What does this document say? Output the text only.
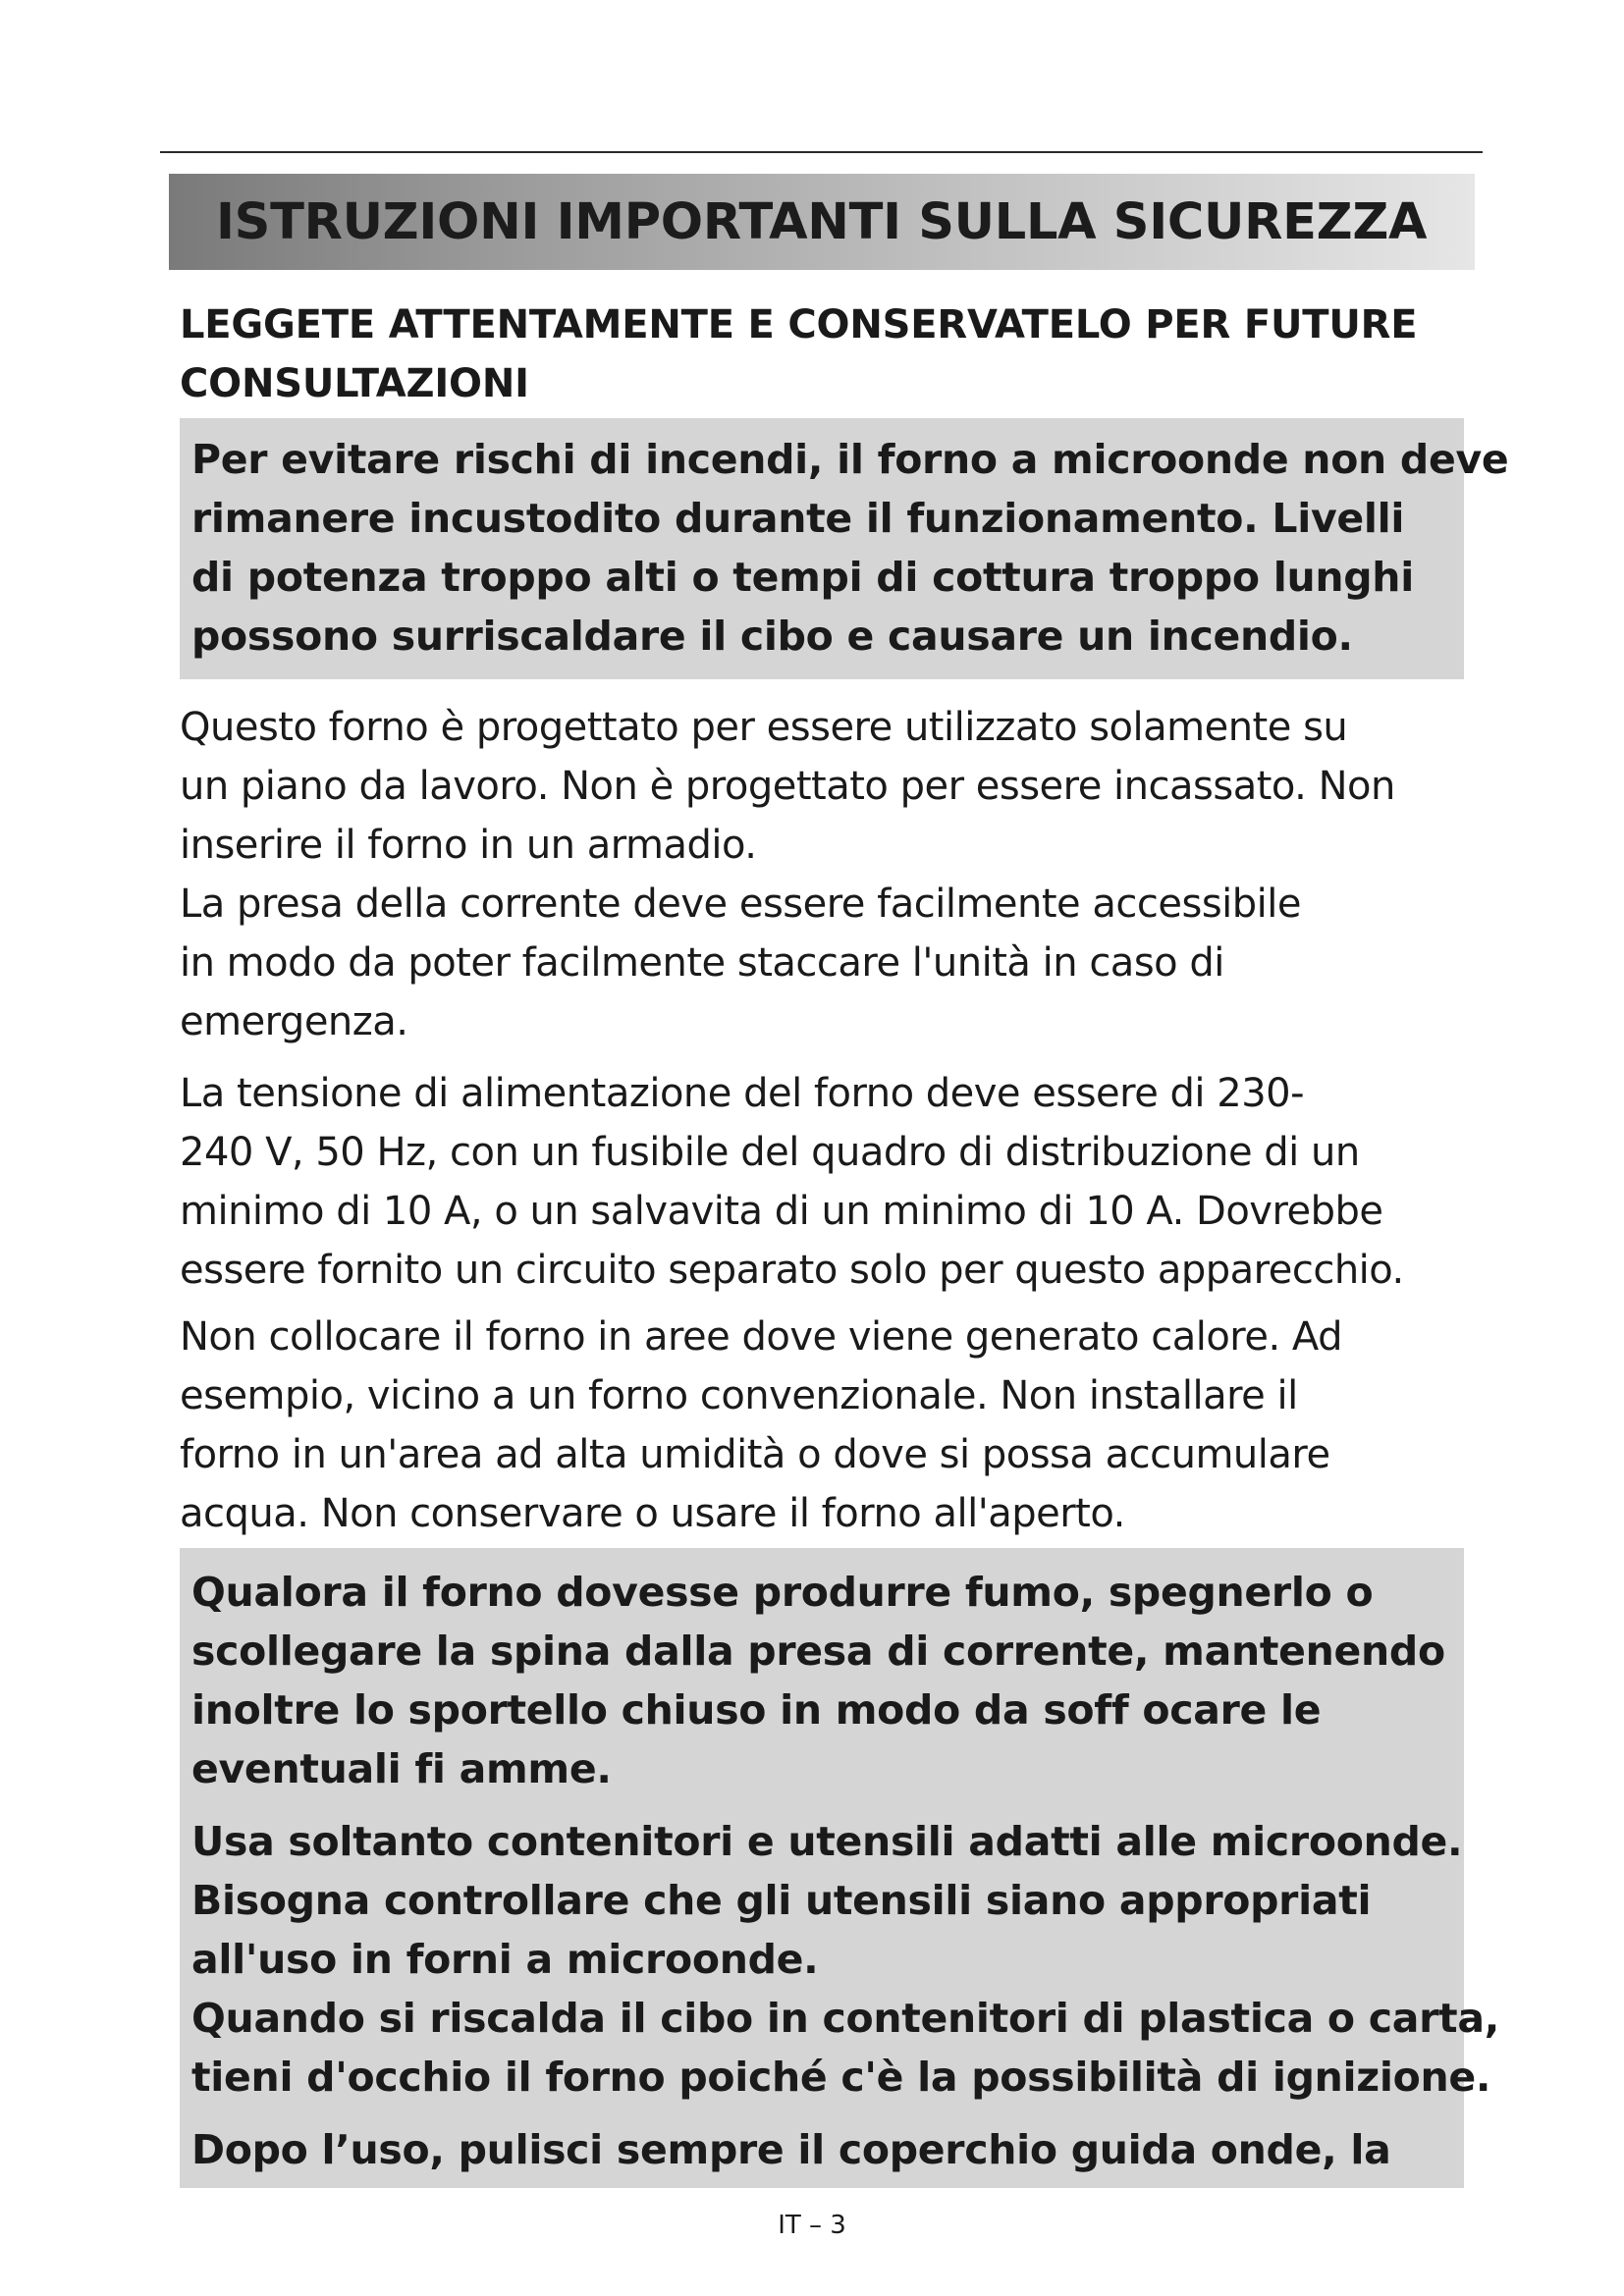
ISTRUZIONI IMPORTANTI SULLA SICUREZZA
LEGGETE ATTENTAMENTE E CONSERVATELO PER FUTURE
CONSULTAZIONI

Per evitare rischi di incendi, il forno a microonde non deve

rimanere incustodito durante il funzionamento. Livelli

di potenza troppo alti o tempi di cottura troppo lunghi

possono surriscaldare il cibo e causare un incendio.

Questo forno è progettato per essere utilizzato solamente su

un piano da lavoro. Non è progettato per essere incassato. Non

inserire il forno in un armadio.

La presa della corrente deve essere facilmente accessibile

in modo da poter facilmente staccare l'unità in caso di

emergenza.

La tensione di alimentazione del forno deve essere di 230-

240 V, 50 Hz, con un fusibile del quadro di distribuzione di un

minimo di 10 A, o un salvavita di un minimo di 10 A. Dovrebbe

essere fornito un circuito separato solo per questo apparecchio.

Non collocare il forno in aree dove viene generato calore. Ad

esempio, vicino a un forno convenzionale. Non installare il

forno in un'area ad alta umidità o dove si possa accumulare

acqua. Non conservare o usare il forno all'aperto.

Qualora il forno dovesse produrre fumo, spegnerlo o

scollegare la spina dalla presa di corrente, mantenendo

inoltre lo sportello chiuso in modo da soff ocare le

eventuali fi amme.

Usa soltanto contenitori e utensili adatti alle microonde.

Bisogna controllare che gli utensili siano appropriati

all'uso in forni a microonde.

Quando si riscalda il cibo in contenitori di plastica o carta,

tieni d'occhio il forno poiché c'è la possibilità di ignizione.

Dopo l’uso, pulisci sempre il coperchio guida onde, la

IT – 3
